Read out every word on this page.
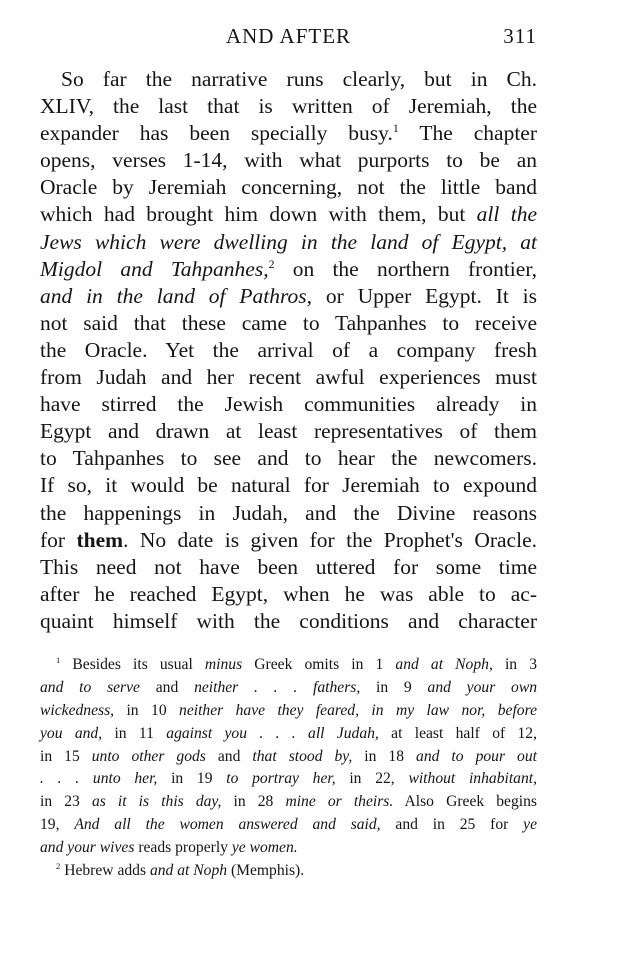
AND AFTER	311
So far the narrative runs clearly, but in Ch.
XLIV, the last that is written of Jeremiah, the
expander has been specially busy.$^1$ The chapter
opens, verses 1-14, with what purports to be an
Oracle by Jeremiah concerning, not the little band
which had brought him down with them, but all the
Jews which were dwelling in the land of Egypt, at
Migdol and Tahpanhes,$^2$ on the northern frontier,
and in the land of Pathros, or Upper Egypt. It is
not said that these came to Tahpanhes to receive
the Oracle. Yet the arrival of a company fresh
from Judah and her recent awful experiences must
have stirred the Jewish communities already in
Egypt and drawn at least representatives of them
to Tahpanhes to see and to hear the newcomers.
If so, it would be natural for Jeremiah to expound
the happenings in Judah, and the Divine reasons
for them. No date is given for the Prophet's Oracle.
This need not have been uttered for some time
after he reached Egypt, when he was able to ac-
quaint himself with the conditions and character
$^1$ Besides its usual minus Greek omits in 1 and at Noph, in 3
and to serve and neither . . . fathers, in 9 and your own
wickedness, in 10 neither have they feared, in my law nor, before
you and, in 11 against you . . . all Judah, at least half of 12,
in 15 unto other gods and that stood by, in 18 and to pour out
. . . unto her, in 19 to portray her, in 22, without inhabitant,
in 23 as it is this day, in 28 mine or theirs. Also Greek begins
19, And all the women answered and said, and in 25 for ye
and your wives reads properly ye women.
$^2$ Hebrew adds and at Noph (Memphis).
